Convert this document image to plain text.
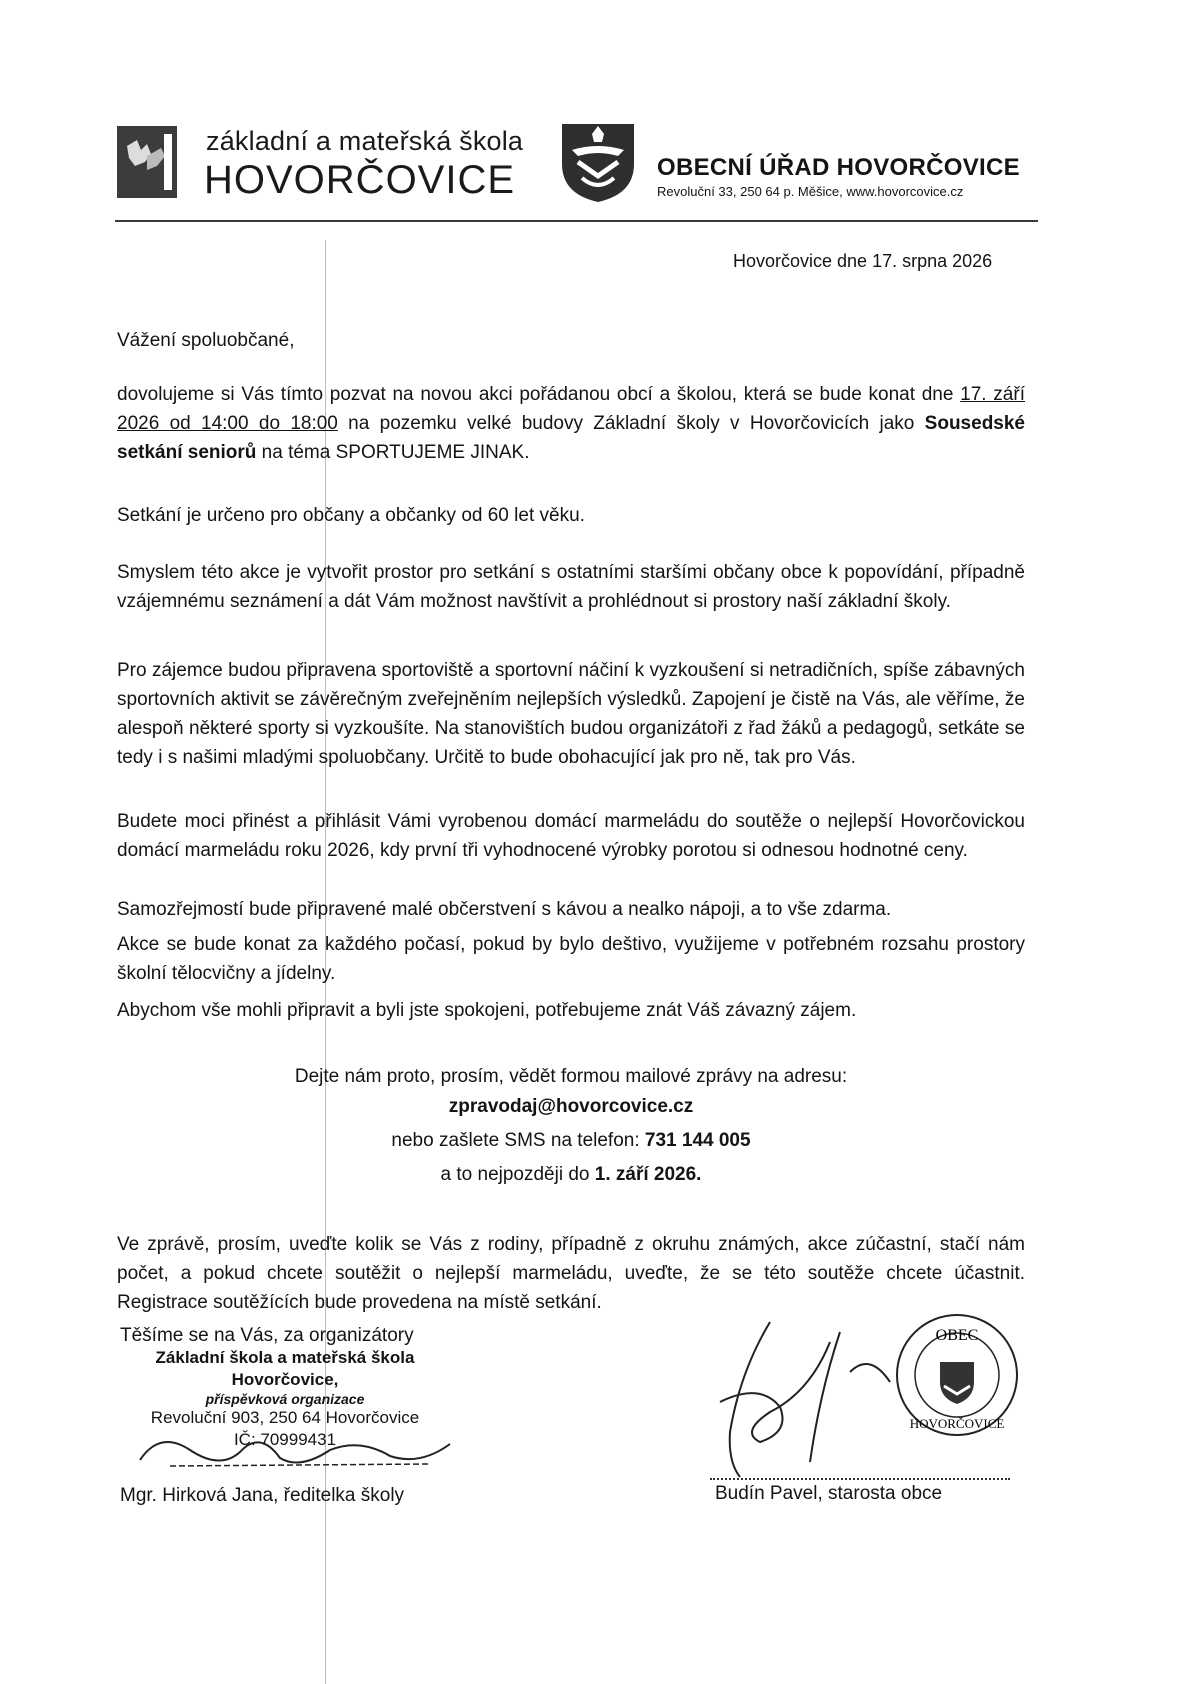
základní a mateřská škola
HOVORČOVICE	OBECNÍ ÚŘAD HOVORČOVICE
Revoluční 33, 250 64 p. Měšice, www.hovorcovice.cz
Hovorčovice dne 17. srpna 2026
Vážení spoluobčané,
dovolujeme si Vás tímto pozvat na novou akci pořádanou obcí a školou, která se bude konat dne 17. září 2026 od 14:00 do 18:00 na pozemku velké budovy Základní školy v Hovorčovicích jako Sousedské setkání seniorů na téma SPORTUJEME JINAK.
Setkání je určeno pro občany a občanky od 60 let věku.
Smyslem této akce je vytvořit prostor pro setkání s ostatními staršími občany obce k popovídání, případně vzájemnému seznámení a dát Vám možnost navštívit a prohlédnout si prostory naší základní školy.
Pro zájemce budou připravena sportoviště a sportovní náčiní k vyzkoušení si netradičních, spíše zábavných sportovních aktivit se závěrečným zveřejněním nejlepších výsledků. Zapojení je čistě na Vás, ale věříme, že alespoň některé sporty si vyzkoušíte. Na stanovištích budou organizátoři z řad žáků a pedagogů, setkáte se tedy i s našimi mladými spoluobčany. Určitě to bude obohacující jak pro ně, tak pro Vás.
Budete moci přinést a přihlásit Vámi vyrobenou domácí marmeládu do soutěže o nejlepší Hovorčovickou domácí marmeládu roku 2026, kdy první tři vyhodnocené výrobky porotou si odnesou hodnotné ceny.
Samozřejmostí bude připravené malé občerstvení s kávou a nealko nápoji, a to vše zdarma.
Akce se bude konat za každého počasí, pokud by bylo deštivo, využijeme v potřebném rozsahu prostory školní tělocvičny a jídelny.
Abychom vše mohli připravit a byli jste spokojeni, potřebujeme znát Váš závazný zájem.
Dejte nám proto, prosím, vědět formou mailové zprávy na adresu:
zpravodaj@hovorcovice.cz
nebo zašlete SMS na telefon: 731 144 005
a to nejpozději do 1. září 2026.
Ve zprávě, prosím, uveďte kolik se Vás z rodiny, případně z okruhu známých, akce zúčastní, stačí nám počet, a pokud chcete soutěžit o nejlepší marmeládu, uveďte, že se této soutěže chcete účastnit. Registrace soutěžících bude provedena na místě setkání.
Těšíme se na Vás, za organizátory
Základní škola a mateřská škola
Hovorčovice,
příspěvková organizace
Revoluční 903, 250 64 Hovorčovice
IČ: 70999431
Mgr. Hirková Jana, ředitelka školy
OBEC
HOVORČOVICE
Budín Pavel, starosta obce
